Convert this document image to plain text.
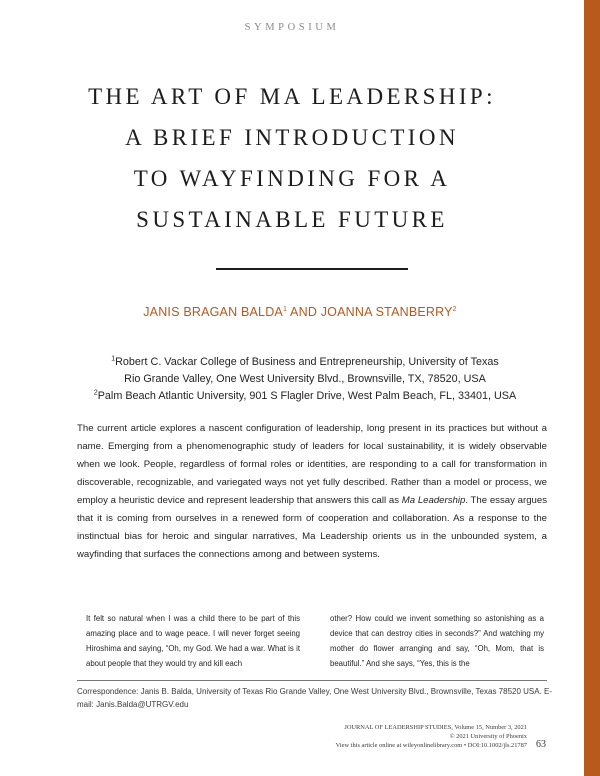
SYMPOSIUM
THE ART OF MA LEADERSHIP:
A BRIEF INTRODUCTION
TO WAYFINDING FOR A
SUSTAINABLE FUTURE
JANIS BRAGAN BALDA$^1$ AND JOANNA STANBERRY$^2$
$^1$Robert C. Vackar College of Business and Entrepreneurship, University of Texas
Rio Grande Valley, One West University Blvd., Brownsville, TX, 78520, USA
$^2$Palm Beach Atlantic University, 901 S Flagler Drive, West Palm Beach, FL, 33401, USA

The current article explores a nascent configuration of leadership, long present in its practices but without a name. Emerging from a phenomenographic study of leaders for local sustainability, it is widely observable when we look. People, regardless of formal roles or identities, are responding to a call for transformation in discoverable, recognizable, and variegated ways not yet fully described. Rather than a model or process, we employ a heuristic device and represent leadership that answers this call as Ma Leadership. The essay argues that it is coming from ourselves in a renewed form of cooperation and collaboration. As a response to the instinctual bias for heroic and singular narratives, Ma Leadership orients us in the unbounded system, a wayfinding that surfaces the connections among and between systems.

It felt so natural when I was a child there to be part of this amazing place and to wage peace. I will never forget seeing Hiroshima and saying, “Oh, my God. We had a war. What is it about people that they would try and kill each

other? How could we invent something so astonishing as a device that can destroy cities in seconds?” And watching my mother do flower arranging and say, “Oh, Mom, that is beautiful.” And she says, “Yes, this is the

Correspondence: Janis B. Balda, University of Texas Rio Grande Valley, One West University Blvd., Brownsville, Texas 78520 USA. E-mail: Janis.Balda@UTRGV.edu

JOURNAL OF LEADERSHIP STUDIES, Volume 15, Number 3, 2021
© 2021 University of Phoenix
View this article online at wileyonlinelibrary.com • DOI:10.1002/jls.21787 63
